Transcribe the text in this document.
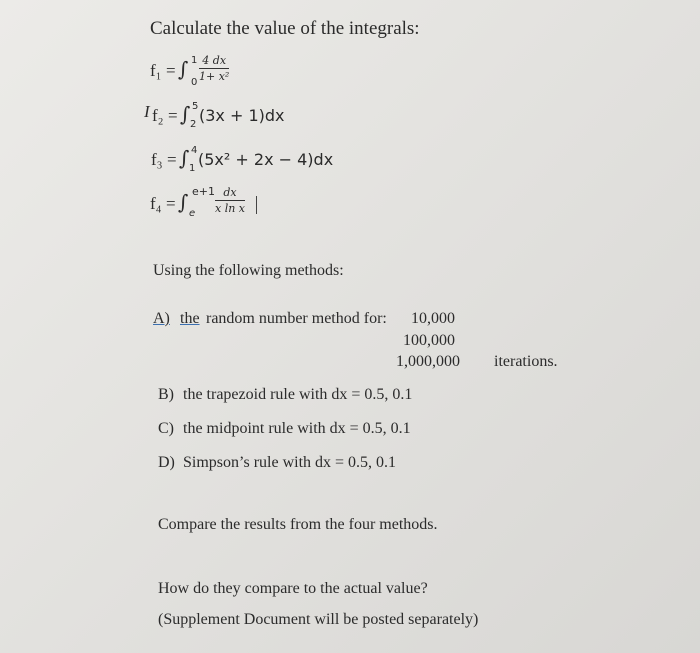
Calculate the value of the integrals:
f₁ = ∫ 1
$0 \frac{4 dx}{\text{1+ x²}}$
I f₂ = ∫ 5
2 (3x + 1)dx
f₃ = ∫ 4
1 (5x² + 2x − 4)dx
f₄ = ∫ e+1
e $\frac{dx}{\text{x ln x}}$
Using the following methods:
A) the random number method for: 10,000
100,000
1,000,000 iterations.
B) the trapezoid rule with dx = 0.5, 0.1
C) the midpoint rule with dx = 0.5, 0.1
D) Simpson’s rule with dx = 0.5, 0.1
Compare the results from the four methods.
How do they compare to the actual value?
(Supplement Document will be posted separately)
